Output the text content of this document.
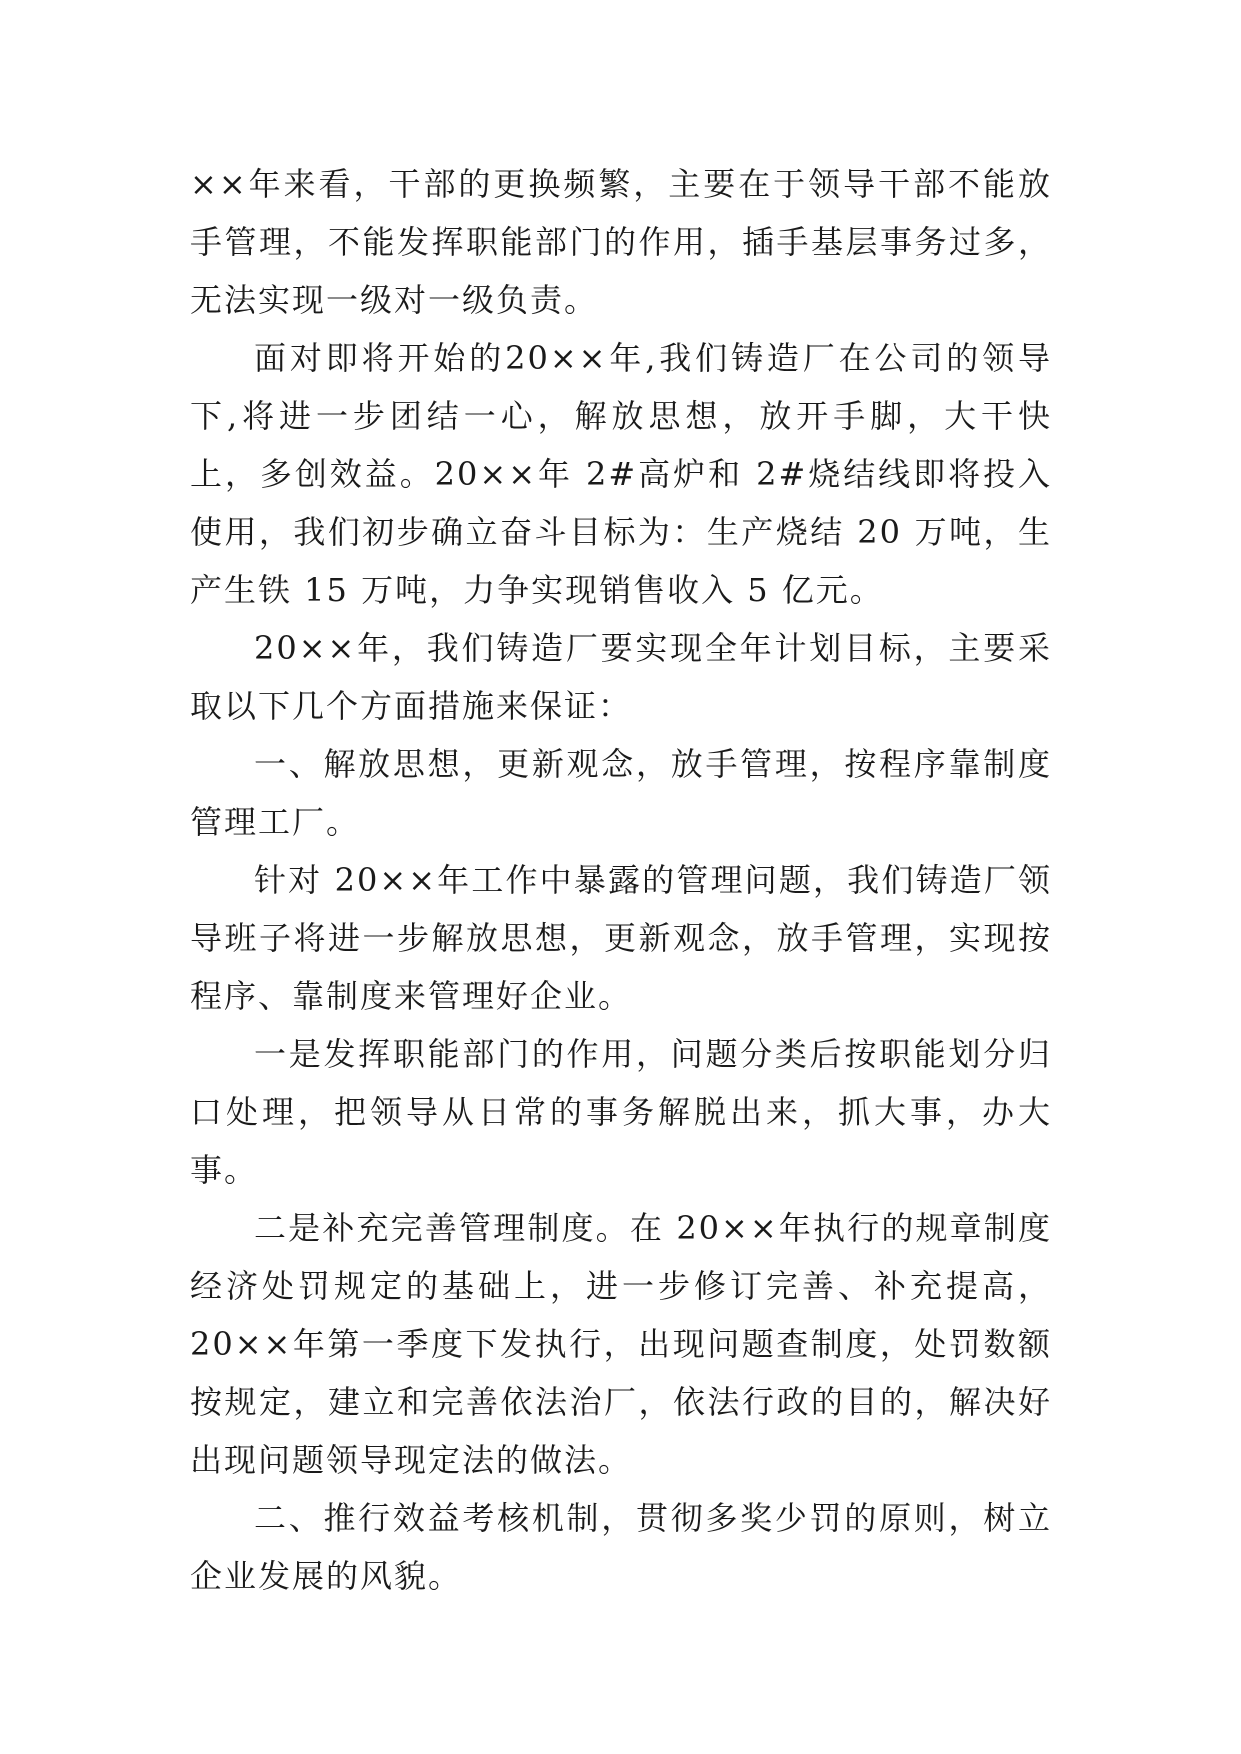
××年来看，干部的更换频繁，主要在于领导干部不能放手管理，不能发挥职能部门的作用，插手基层事务过多，无法实现一级对一级负责。

面对即将开始的20××年,我们铸造厂在公司的领导下,将进一步团结一心，解放思想，放开手脚，大干快上，多创效益。20××年 2#高炉和 2#烧结线即将投入使用，我们初步确立奋斗目标为：生产烧结 20 万吨，生产生铁 15 万吨，力争实现销售收入 5 亿元。

20××年，我们铸造厂要实现全年计划目标，主要采取以下几个方面措施来保证：

一、解放思想，更新观念，放手管理，按程序靠制度管理工厂。

针对 20××年工作中暴露的管理问题，我们铸造厂领导班子将进一步解放思想，更新观念，放手管理，实现按程序、靠制度来管理好企业。

一是发挥职能部门的作用，问题分类后按职能划分归口处理，把领导从日常的事务解脱出来，抓大事，办大事。

二是补充完善管理制度。在 20××年执行的规章制度经济处罚规定的基础上，进一步修订完善、补充提高，20××年第一季度下发执行，出现问题查制度，处罚数额按规定，建立和完善依法治厂，依法行政的目的，解决好出现问题领导现定法的做法。

二、推行效益考核机制，贯彻多奖少罚的原则，树立企业发展的风貌。
